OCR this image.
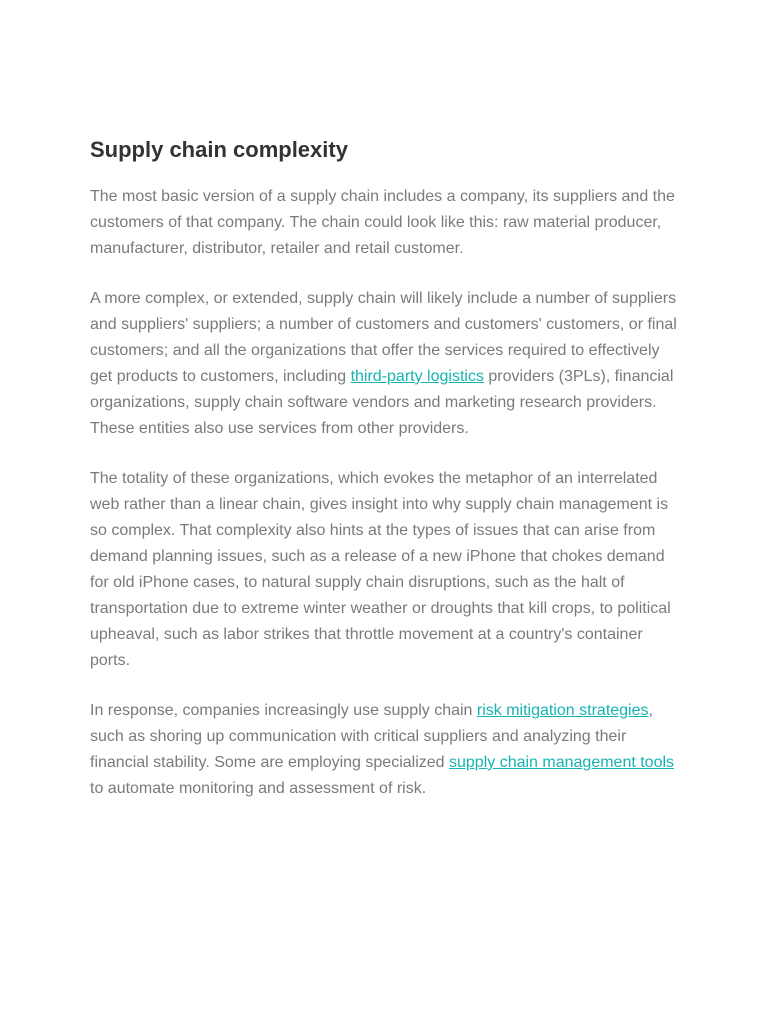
Supply chain complexity

The most basic version of a supply chain includes a company, its suppliers and the customers of that company. The chain could look like this: raw material producer, manufacturer, distributor, retailer and retail customer.

A more complex, or extended, supply chain will likely include a number of suppliers and suppliers' suppliers; a number of customers and customers' customers, or final customers; and all the organizations that offer the services required to effectively get products to customers, including third-party logistics providers (3PLs), financial organizations, supply chain software vendors and marketing research providers. These entities also use services from other providers.

The totality of these organizations, which evokes the metaphor of an interrelated web rather than a linear chain, gives insight into why supply chain management is so complex. That complexity also hints at the types of issues that can arise from demand planning issues, such as a release of a new iPhone that chokes demand for old iPhone cases, to natural supply chain disruptions, such as the halt of transportation due to extreme winter weather or droughts that kill crops, to political upheaval, such as labor strikes that throttle movement at a country's container ports.

In response, companies increasingly use supply chain risk mitigation strategies, such as shoring up communication with critical suppliers and analyzing their financial stability. Some are employing specialized supply chain management tools to automate monitoring and assessment of risk.
